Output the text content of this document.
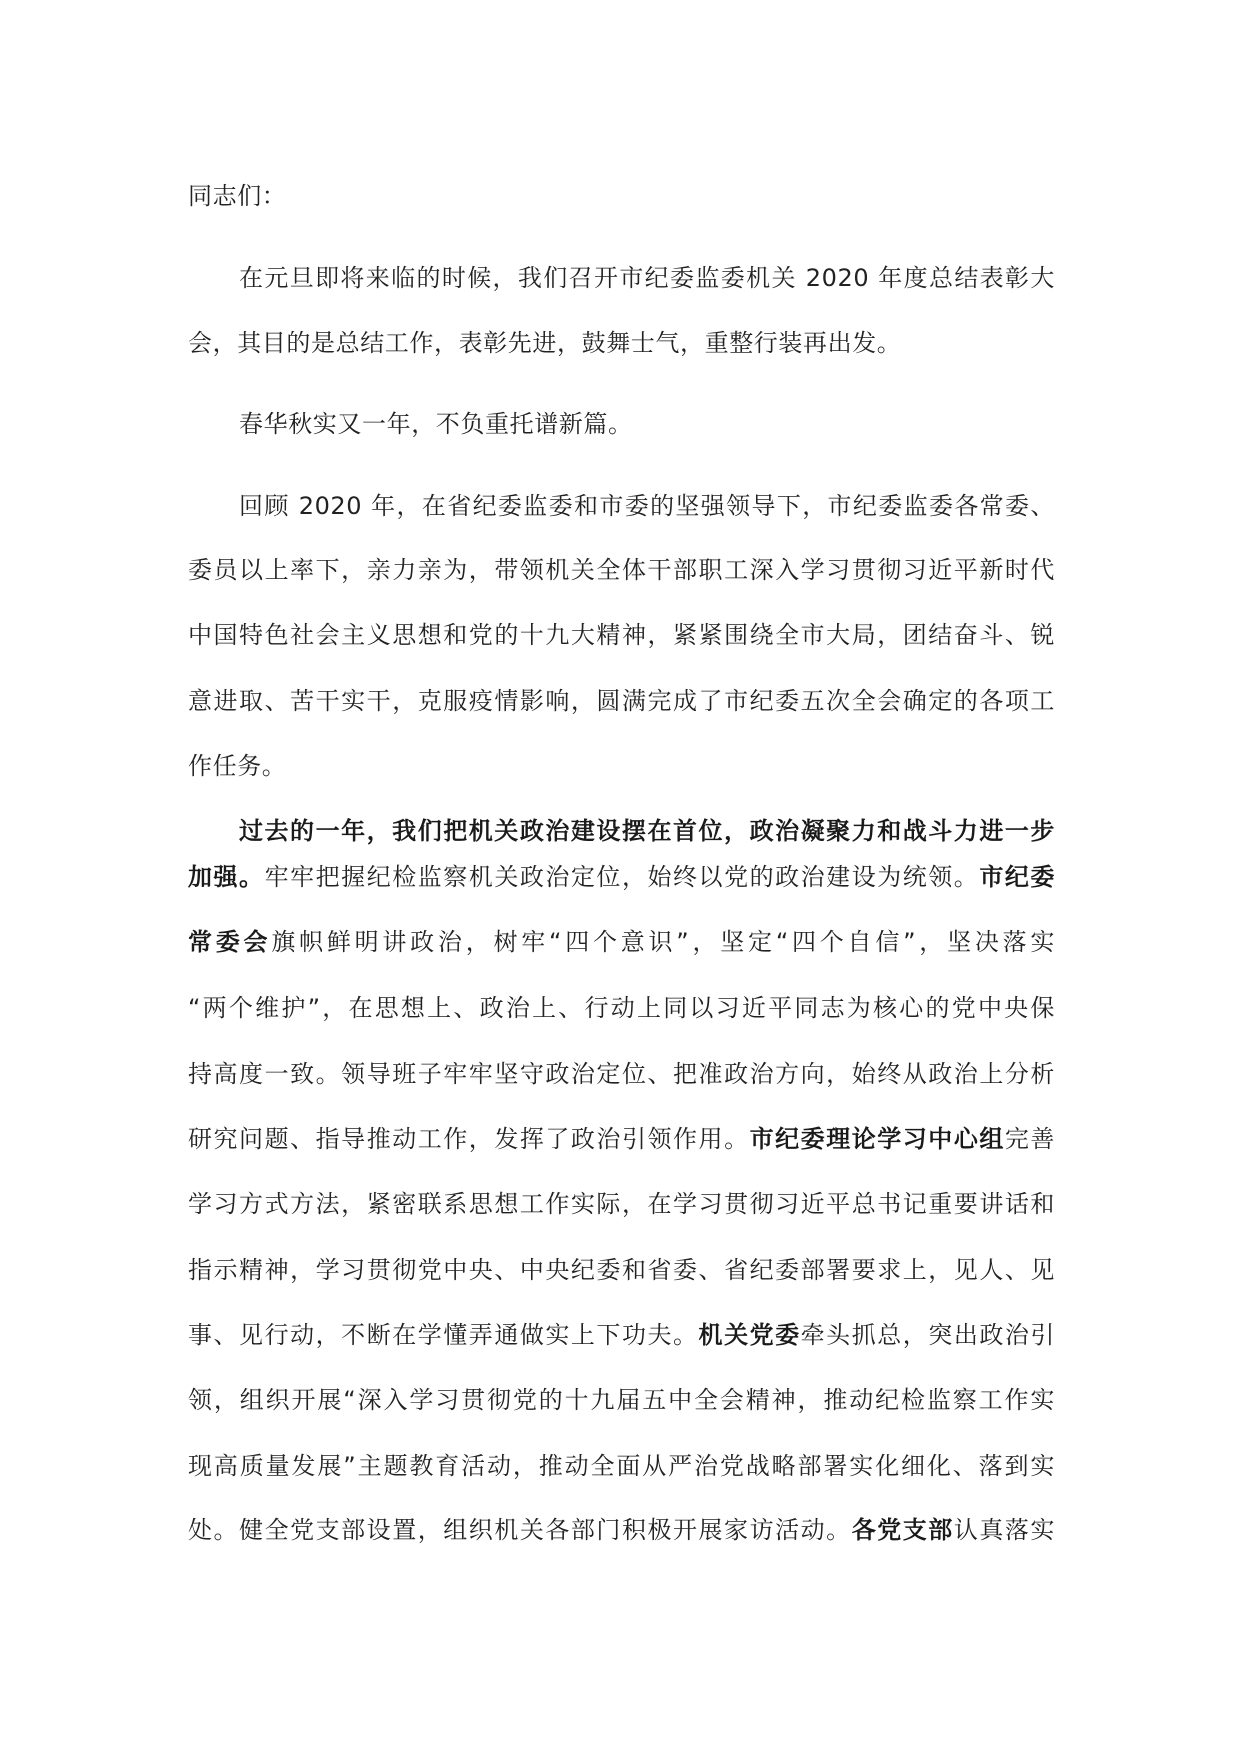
同志们：
在元旦即将来临的时候，我们召开市纪委监委机关 2020 年度总结表彰大
会，其目的是总结工作，表彰先进，鼓舞士气，重整行装再出发。
春华秋实又一年，不负重托谱新篇。
回顾 2020 年，在省纪委监委和市委的坚强领导下，市纪委监委各常委、
委员以上率下，亲力亲为，带领机关全体干部职工深入学习贯彻习近平新时代
中国特色社会主义思想和党的十九大精神，紧紧围绕全市大局，团结奋斗、锐
意进取、苦干实干，克服疫情影响，圆满完成了市纪委五次全会确定的各项工
作任务。
过去的一年，我们把机关政治建设摆在首位，政治凝聚力和战斗力进一步
加强。牢牢把握纪检监察机关政治定位，始终以党的政治建设为统领。市纪委
常委会旗帜鲜明讲政治，树牢“四个意识”，坚定“四个自信”，坚决落实
“两个维护”，在思想上、政治上、行动上同以习近平同志为核心的党中央保
持高度一致。领导班子牢牢坚守政治定位、把准政治方向，始终从政治上分析
研究问题、指导推动工作，发挥了政治引领作用。市纪委理论学习中心组完善
学习方式方法，紧密联系思想工作实际，在学习贯彻习近平总书记重要讲话和
指示精神，学习贯彻党中央、中央纪委和省委、省纪委部署要求上，见人、见
事、见行动，不断在学懂弄通做实上下功夫。机关党委牵头抓总，突出政治引
领，组织开展“深入学习贯彻党的十九届五中全会精神，推动纪检监察工作实
现高质量发展”主题教育活动，推动全面从严治党战略部署实化细化、落到实
处。健全党支部设置，组织机关各部门积极开展家访活动。各党支部认真落实
